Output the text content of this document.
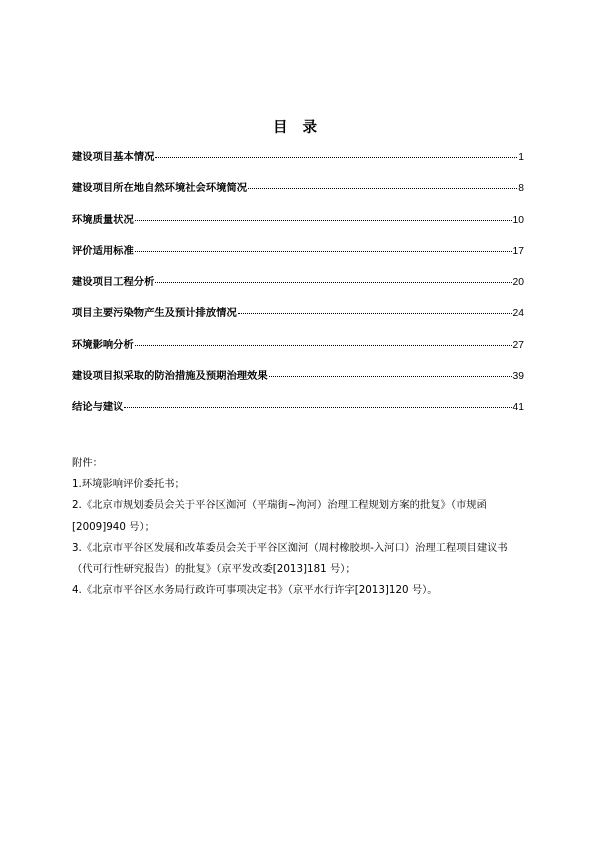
目 录
建设项目基本情况	1
建设项目所在地自然环境社会环境简况	8
环境质量状况	10
评价适用标准	17
建设项目工程分析	20
项目主要污染物产生及预计排放情况	24
环境影响分析	27
建设项目拟采取的防治措施及预期治理效果	39
结论与建议	41
附件：
1.环境影响评价委托书；
2.《北京市规划委员会关于平谷区洳河（平瑞街~泃河）治理工程规划方案的批复》（市规函[2009]940 号）；
3.《北京市平谷区发展和改革委员会关于平谷区洳河（周村橡胶坝-入河口）治理工程项目建议书（代可行性研究报告）的批复》（京平发改委[2013]181 号）；
4.《北京市平谷区水务局行政许可事项决定书》（京平水行许字[2013]120 号）。
